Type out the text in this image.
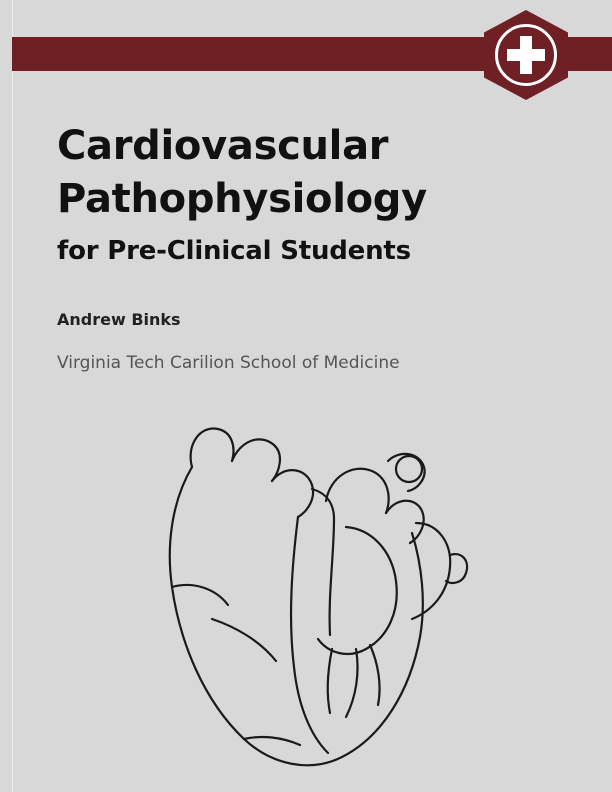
Cardiovascular
Pathophysiology
for Pre-Clinical Students
Andrew Binks
Virginia Tech Carilion School of Medicine
